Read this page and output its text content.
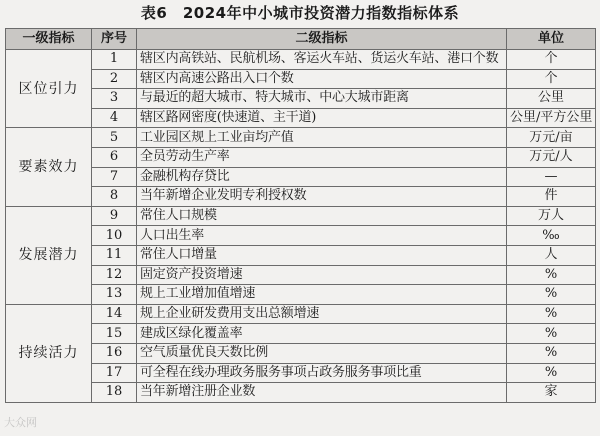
表6　2024年中小城市投资潜力指数指标体系
一级指标	序号	二级指标	单位
区位引力	1	辖区内高铁站、民航机场、客运火车站、货运火车站、港口个数	个
	2	辖区内高速公路出入口个数	个
	3	与最近的超大城市、特大城市、中心大城市距离	公里
	4	辖区路网密度(快速道、主干道)	公里/平方公里
要素效力	5	工业园区规上工业亩均产值	万元/亩
	6	全员劳动生产率	万元/人
	7	金融机构存贷比	—
	8	当年新增企业发明专利授权数	件
发展潜力	9	常住人口规模	万人
	10	人口出生率	‰
	11	常住人口增量	人
	12	固定资产投资增速	%
	13	规上工业增加值增速	%
持续活力	14	规上企业研发费用支出总额增速	%
	15	建成区绿化覆盖率	%
	16	空气质量优良天数比例	%
	17	可全程在线办理政务服务事项占政务服务事项比重	%
	18	当年新增注册企业数	家
大众网
